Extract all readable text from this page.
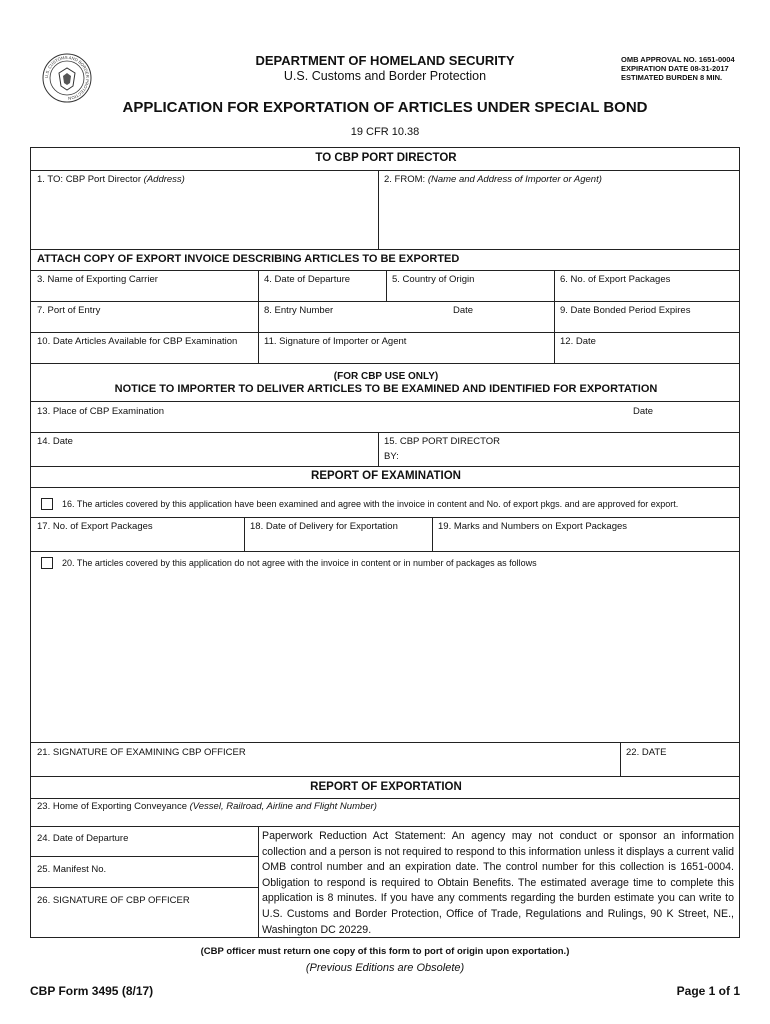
U.S. CUSTOMS AND BORDER PROTECTION
DEPARTMENT OF HOMELAND SECURITY
U.S. Customs and Border Protection
OMB APPROVAL NO. 1651-0004
EXPIRATION DATE 08-31-2017
ESTIMATED BURDEN 8 MIN.
APPLICATION FOR EXPORTATION OF ARTICLES UNDER SPECIAL BOND
19 CFR 10.38
TO CBP PORT DIRECTOR
1. TO: CBP Port Director (Address)	2. FROM: (Name and Address of Importer or Agent)
ATTACH COPY OF EXPORT INVOICE DESCRIBING ARTICLES TO BE EXPORTED
3. Name of Exporting Carrier	4. Date of Departure	5. Country of Origin	6. No. of Export Packages
7. Port of Entry	8. Entry Number	Date	9. Date Bonded Period Expires
10. Date Articles Available for CBP Examination	11. Signature of Importer or Agent	12. Date
(FOR CBP USE ONLY)
NOTICE TO IMPORTER TO DELIVER ARTICLES TO BE EXAMINED AND IDENTIFIED FOR EXPORTATION
13. Place of CBP Examination	Date
14. Date	15. CBP PORT DIRECTOR
BY:
REPORT OF EXAMINATION
16. The articles covered by this application have been examined and agree with the invoice in content and No. of export pkgs. and are approved for export.
17. No. of Export Packages	18. Date of Delivery for Exportation	19. Marks and Numbers on Export Packages
20. The articles covered by this application do not agree with the invoice in content or in number of packages as follows
21. SIGNATURE OF EXAMINING CBP OFFICER	22. DATE
REPORT OF EXPORTATION
23. Home of Exporting Conveyance (Vessel, Railroad, Airline and Flight Number)
24. Date of Departure
25. Manifest No.
26. SIGNATURE OF CBP OFFICER
Paperwork Reduction Act Statement: An agency may not conduct or sponsor an information collection and a person is not required to respond to this information unless it displays a current valid OMB control number and an expiration date. The control number for this collection is 1651-0004. Obligation to respond is required to Obtain Benefits. The estimated average time to complete this application is 8 minutes. If you have any comments regarding the burden estimate you can write to U.S. Customs and Border Protection, Office of Trade, Regulations and Rulings, 90 K Street, NE., Washington DC 20229.
(CBP officer must return one copy of this form to port of origin upon exportation.)
(Previous Editions are Obsolete)
CBP Form 3495 (8/17)	Page 1 of 1
